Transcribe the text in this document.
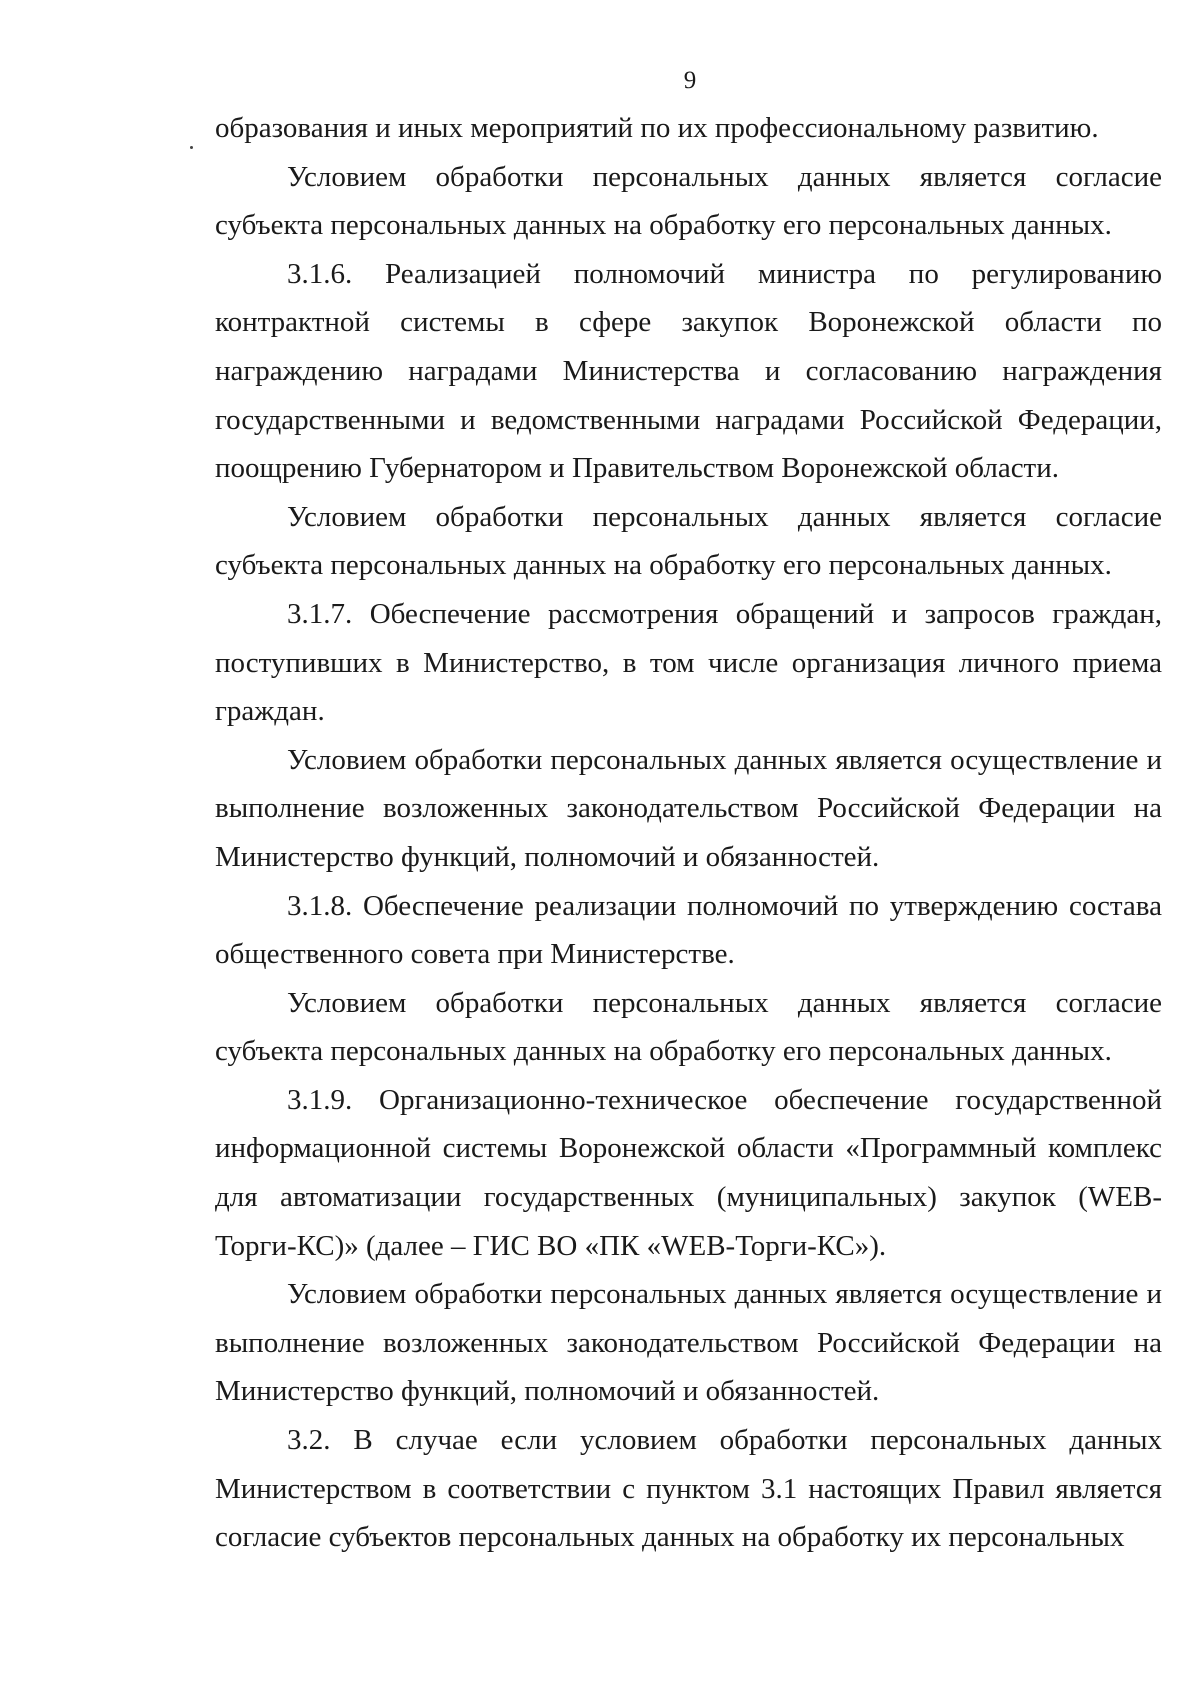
9

образования и иных мероприятий по их профессиональному развитию.

Условием обработки персональных данных является согласие субъекта персональных данных на обработку его персональных данных.

3.1.6. Реализацией полномочий министра по регулированию контрактной системы в сфере закупок Воронежской области по награждению наградами Министерства и согласованию награждения государственными и ведомственными наградами Российской Федерации, поощрению Губернатором и Правительством Воронежской области.

Условием обработки персональных данных является согласие субъекта персональных данных на обработку его персональных данных.

3.1.7. Обеспечение рассмотрения обращений и запросов граждан, поступивших в Министерство, в том числе организация личного приема граждан.

Условием обработки персональных данных является осуществление и выполнение возложенных законодательством Российской Федерации на Министерство функций, полномочий и обязанностей.

3.1.8. Обеспечение реализации полномочий по утверждению состава общественного совета при Министерстве.

Условием обработки персональных данных является согласие субъекта персональных данных на обработку его персональных данных.

3.1.9. Организационно-техническое обеспечение государственной информационной системы Воронежской области «Программный комплекс для автоматизации государственных (муниципальных) закупок (WEB-Торги-КС)» (далее – ГИС ВО «ПК «WEB-Торги-КС»).

Условием обработки персональных данных является осуществление и выполнение возложенных законодательством Российской Федерации на Министерство функций, полномочий и обязанностей.

3.2. В случае если условием обработки персональных данных Министерством в соответствии с пунктом 3.1 настоящих Правил является согласие субъектов персональных данных на обработку их персональных
